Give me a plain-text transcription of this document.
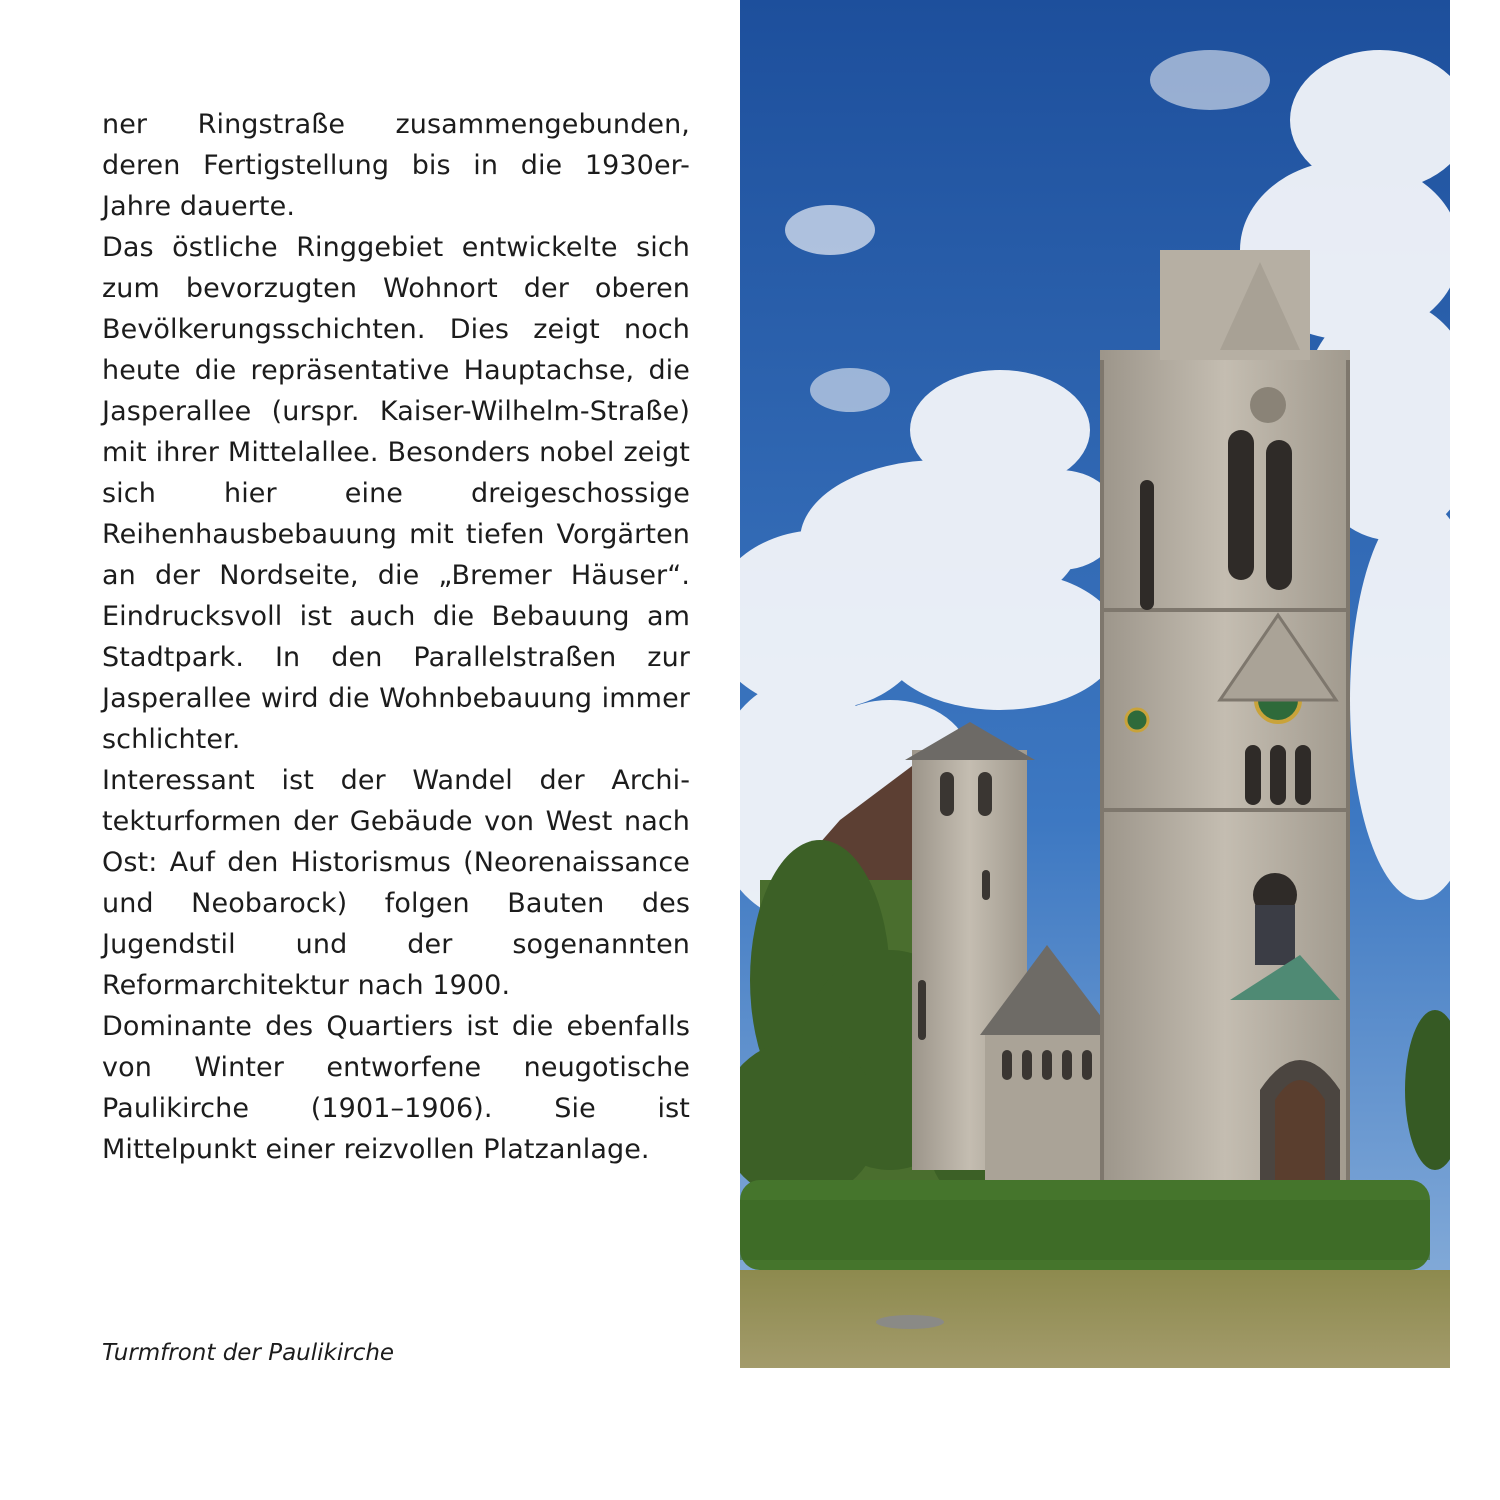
ner Ringstraße zusammengebunden, deren Fertigstellung bis in die 1930er-Jahre dauerte.

Das östliche Ringgebiet entwickelte sich zum bevorzugten Wohnort der oberen Bevölkerungsschichten. Dies zeigt noch heute die repräsentative Hauptachse, die Jasperallee (urspr. Kaiser-Wilhelm-Straße) mit ihrer Mittelallee. Besonders nobel zeigt sich hier eine dreigeschossige Reihenhausbebauung mit tiefen Vorgärten an der Nordseite, die „Bremer Häuser“. Eindrucksvoll ist auch die Bebauung am Stadtpark. In den Parallelstraßen zur Jasperallee wird die Wohnbebauung immer schlichter.

Interessant ist der Wandel der Architekturformen der Gebäude von West nach Ost: Auf den Historismus (Neorenaissance und Neobarock) folgen Bauten des Jugendstil und der sogenannten Reformarchitektur nach 1900.

Dominante des Quartiers ist die ebenfalls von Winter entworfene neugotische Paulikirche (1901–1906). Sie ist Mittelpunkt einer reizvollen Platzanlage.

Turmfront der Paulikirche
